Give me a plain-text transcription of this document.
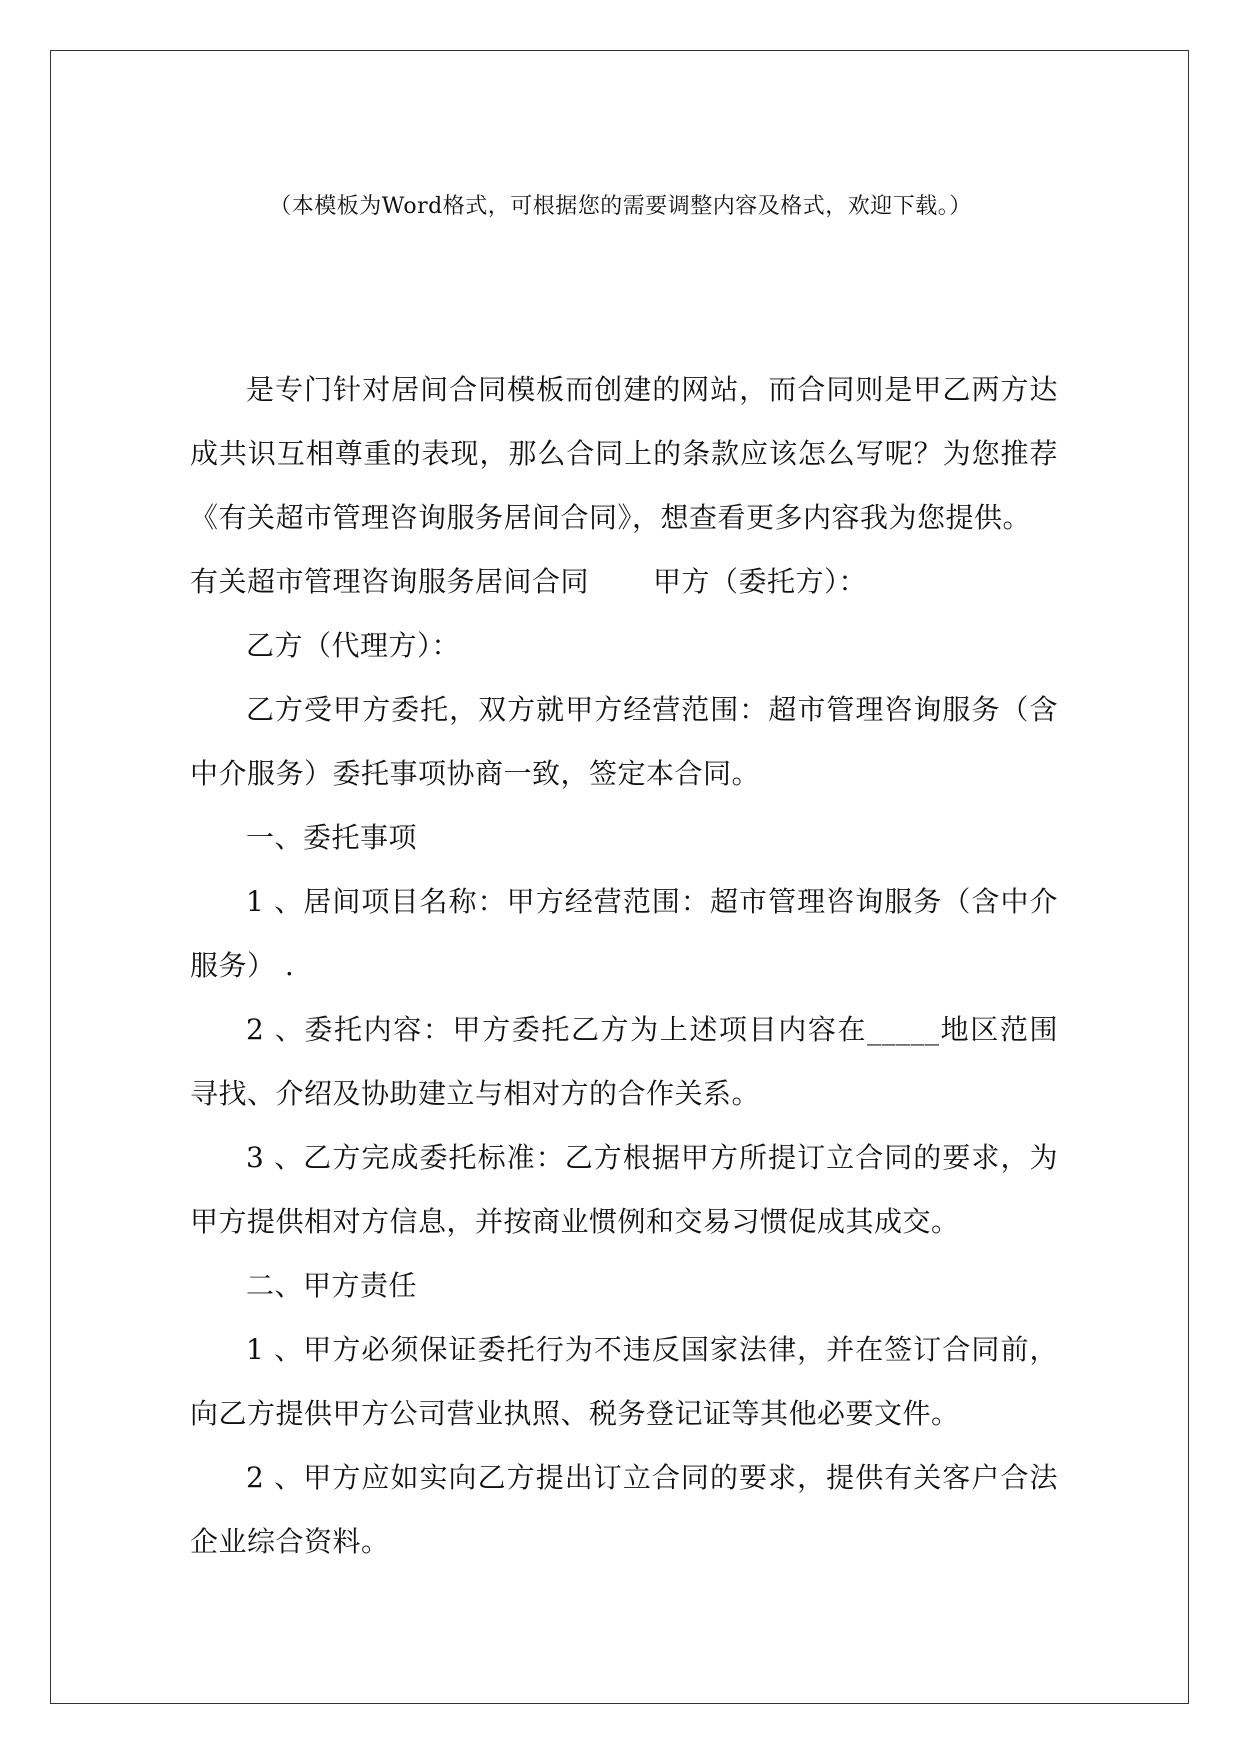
（本模板为Word格式，可根据您的需要调整内容及格式，欢迎下载。）

是专门针对居间合同模板而创建的网站，而合同则是甲乙两方达成共识互相尊重的表现，那么合同上的条款应该怎么写呢？为您推荐《有关超市管理咨询服务居间合同》，想查看更多内容我为您提供。

有关超市管理咨询服务居间合同 甲方（委托方）：

乙方（代理方）：

乙方受甲方委托，双方就甲方经营范围：超市管理咨询服务（含中介服务）委托事项协商一致，签定本合同。

一、委托事项

1 、居间项目名称：甲方经营范围：超市管理咨询服务（含中介服务） .

2 、委托内容：甲方委托乙方为上述项目内容在_____地区范围寻找、介绍及协助建立与相对方的合作关系。

3 、乙方完成委托标准：乙方根据甲方所提订立合同的要求，为甲方提供相对方信息，并按商业惯例和交易习惯促成其成交。

二、甲方责任

1 、甲方必须保证委托行为不违反国家法律，并在签订合同前，向乙方提供甲方公司营业执照、税务登记证等其他必要文件。

2 、甲方应如实向乙方提出订立合同的要求，提供有关客户合法企业综合资料。
